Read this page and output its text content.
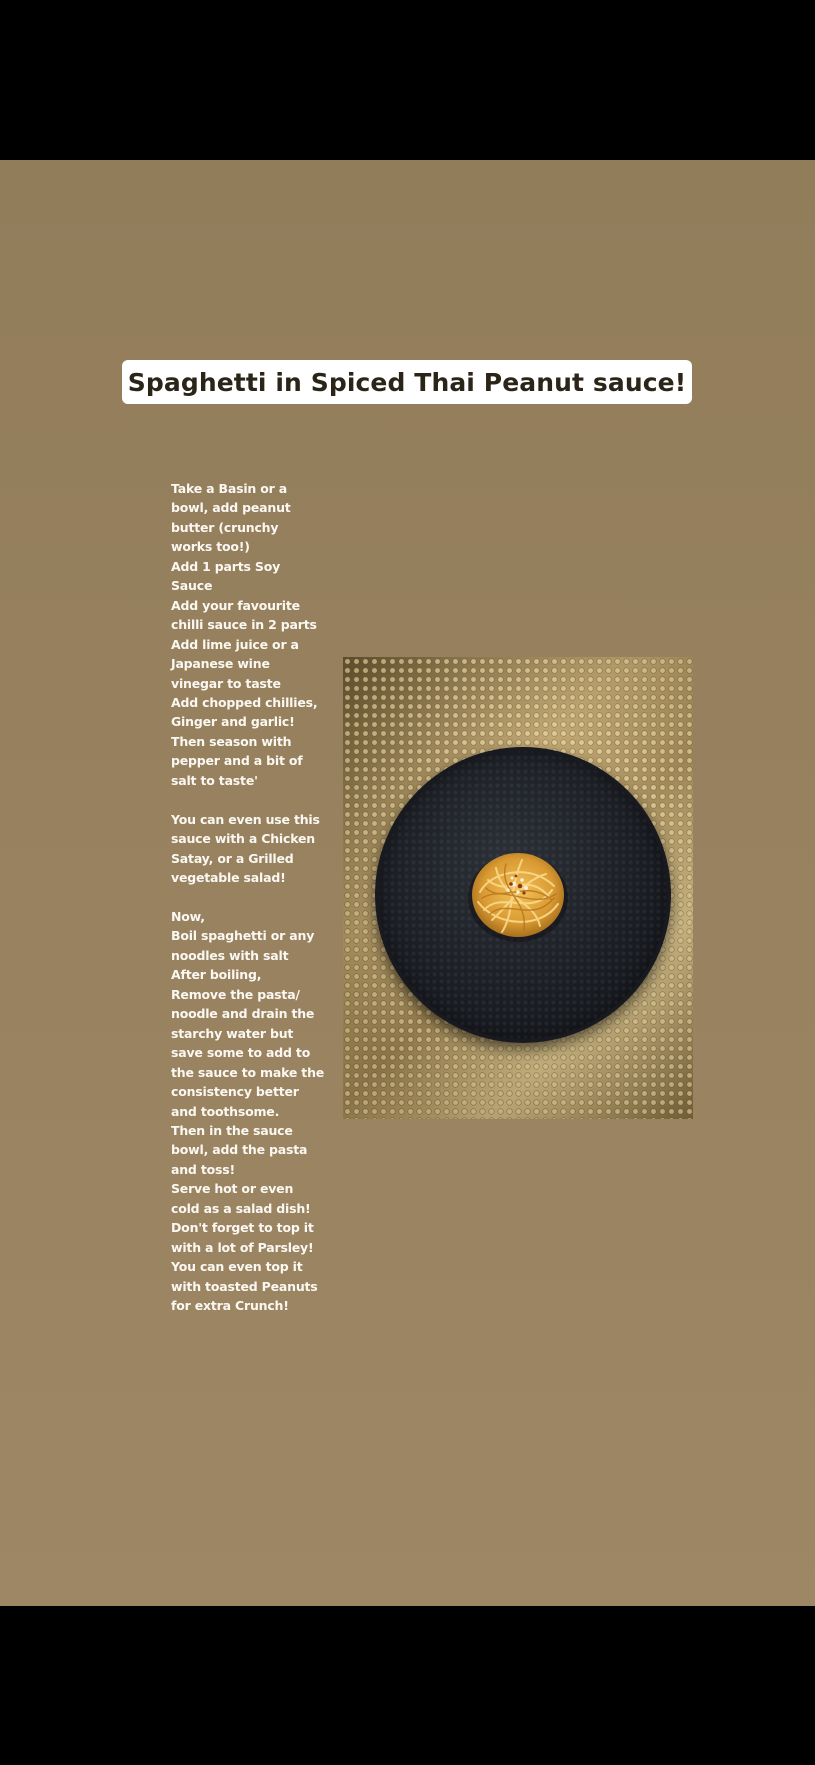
Spaghetti in Spiced Thai Peanut sauce!

Take a Basin or a
bowl, add peanut
butter (crunchy
works too!)
Add 1 parts Soy
Sauce
Add your favourite
chilli sauce in 2 parts
Add lime juice or a
Japanese wine
vinegar to taste
Add chopped chillies,
Ginger and garlic!
Then season with
pepper and a bit of
salt to taste'

You can even use this
sauce with a Chicken
Satay, or a Grilled
vegetable salad!

Now,
Boil spaghetti or any
noodles with salt
After boiling,
Remove the pasta/
noodle and drain the
starchy water but
save some to add to
the sauce to make the
consistency better
and toothsome.
Then in the sauce
bowl, add the pasta
and toss!
Serve hot or even
cold as a salad dish!
Don't forget to top it
with a lot of Parsley!
You can even top it
with toasted Peanuts
for extra Crunch!
